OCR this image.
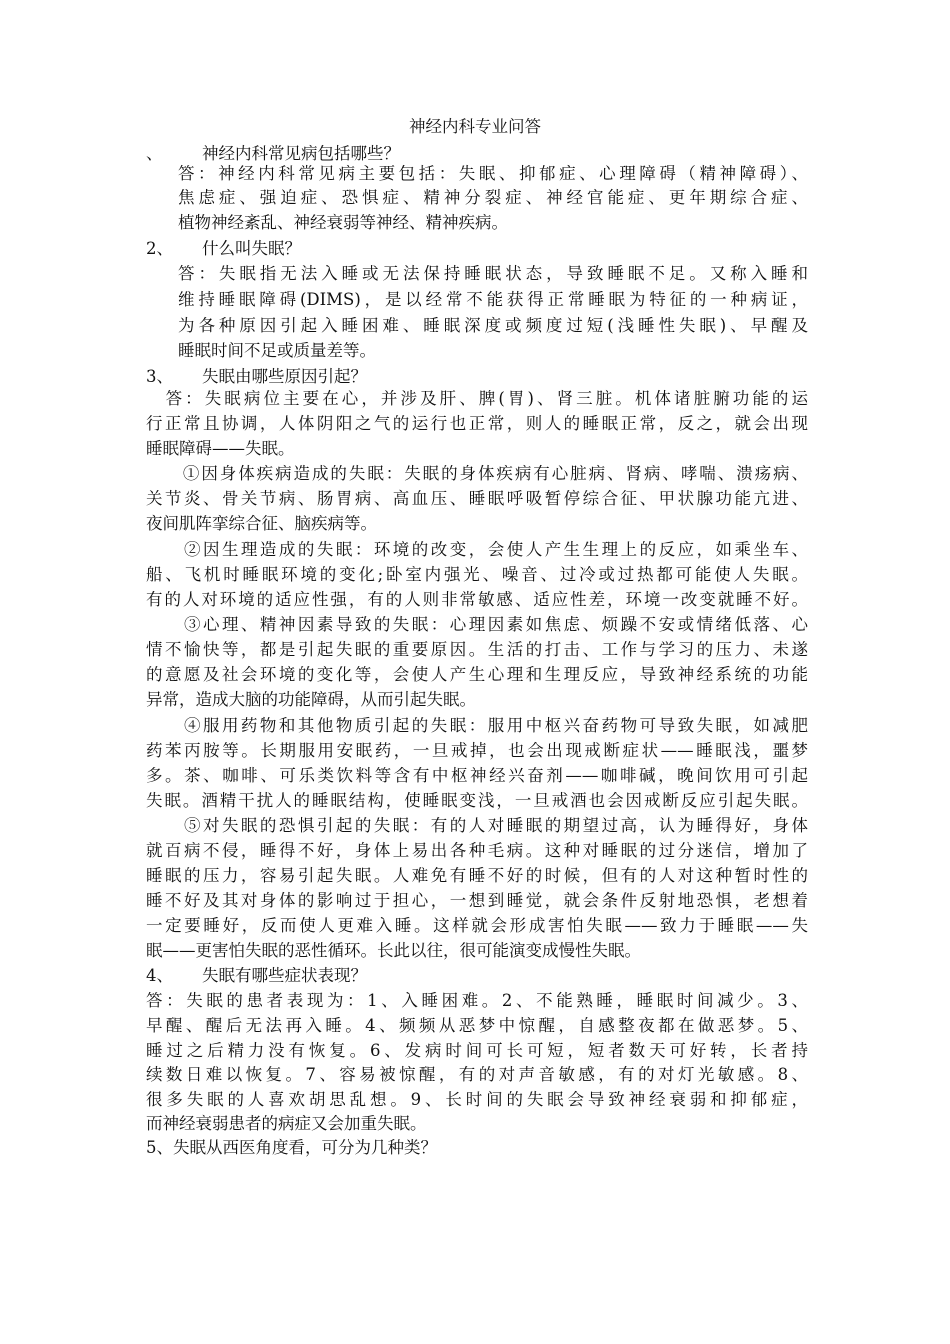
神经内科专业问答
、 神经内科常见病包括哪些？
答：神经内科常见病主要包括：失眠、抑郁症、心理障碍（精神障碍）、
焦虑症、强迫症、恐惧症、精神分裂症、神经官能症、更年期综合症、
植物神经紊乱、神经衰弱等神经、精神疾病。
2、 什么叫失眠？
答：失眠指无法入睡或无法保持睡眠状态，导致睡眠不足。又称入睡和
维持睡眠障碍(DIMS)，是以经常不能获得正常睡眠为特征的一种病证，
为各种原因引起入睡困难、睡眠深度或频度过短(浅睡性失眠)、早醒及
睡眠时间不足或质量差等。
3、 失眠由哪些原因引起？
　答：失眠病位主要在心，并涉及肝、脾(胃)、肾三脏。机体诸脏腑功能的运
行正常且协调，人体阴阳之气的运行也正常，则人的睡眠正常，反之，就会出现
睡眠障碍——失眠。
　　①因身体疾病造成的失眠：失眠的身体疾病有心脏病、肾病、哮喘、溃疡病、
关节炎、骨关节病、肠胃病、高血压、睡眠呼吸暂停综合征、甲状腺功能亢进、
夜间肌阵挛综合征、脑疾病等。
　　②因生理造成的失眠：环境的改变，会使人产生生理上的反应，如乘坐车、
船、飞机时睡眠环境的变化;卧室内强光、噪音、过冷或过热都可能使人失眠。
有的人对环境的适应性强，有的人则非常敏感、适应性差，环境一改变就睡不好。
　　③心理、精神因素导致的失眠：心理因素如焦虑、烦躁不安或情绪低落、心
情不愉快等，都是引起失眠的重要原因。生活的打击、工作与学习的压力、未遂
的意愿及社会环境的变化等，会使人产生心理和生理反应，导致神经系统的功能
异常，造成大脑的功能障碍，从而引起失眠。
　　④服用药物和其他物质引起的失眠：服用中枢兴奋药物可导致失眠，如减肥
药苯丙胺等。长期服用安眠药，一旦戒掉，也会出现戒断症状——睡眠浅，噩梦
多。茶、咖啡、可乐类饮料等含有中枢神经兴奋剂——咖啡碱，晚间饮用可引起
失眠。酒精干扰人的睡眠结构，使睡眠变浅，一旦戒酒也会因戒断反应引起失眠。
　　⑤对失眠的恐惧引起的失眠：有的人对睡眠的期望过高，认为睡得好，身体
就百病不侵，睡得不好，身体上易出各种毛病。这种对睡眠的过分迷信，增加了
睡眠的压力，容易引起失眠。人难免有睡不好的时候，但有的人对这种暂时性的
睡不好及其对身体的影响过于担心，一想到睡觉，就会条件反射地恐惧，老想着
一定要睡好，反而使人更难入睡。这样就会形成害怕失眠——致力于睡眠——失
眠——更害怕失眠的恶性循环。长此以往，很可能演变成慢性失眠。
4、 失眠有哪些症状表现？
答：失眠的患者表现为：1、入睡困难。2、不能熟睡，睡眠时间减少。3、
早醒、醒后无法再入睡。4、频频从恶梦中惊醒，自感整夜都在做恶梦。5、
睡过之后精力没有恢复。6、发病时间可长可短，短者数天可好转，长者持
续数日难以恢复。7、容易被惊醒，有的对声音敏感，有的对灯光敏感。8、
很多失眠的人喜欢胡思乱想。9、长时间的失眠会导致神经衰弱和抑郁症，
而神经衰弱患者的病症又会加重失眠。
5、失眠从西医角度看，可分为几种类？
